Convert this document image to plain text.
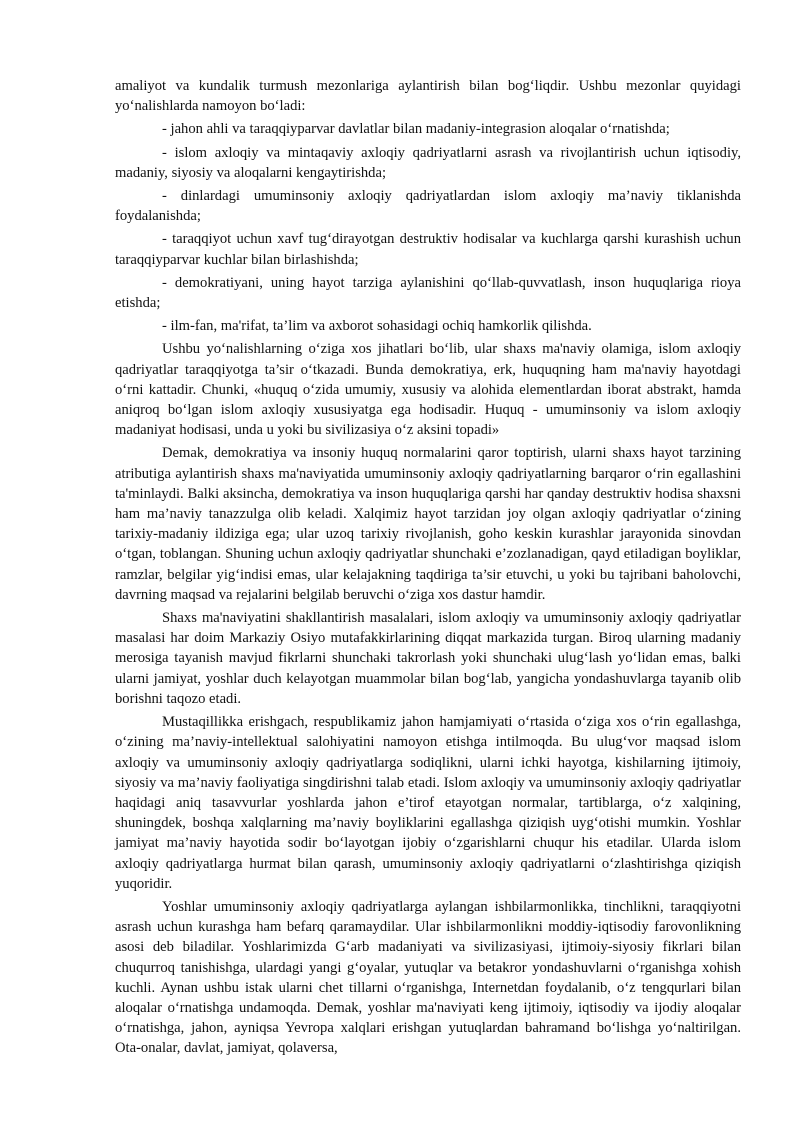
amaliyot va kundalik turmush mezonlariga aylantirish bilan bog‘liqdir. Ushbu mezonlar quyidagi yo‘nalishlarda namoyon bo‘ladi:

- jahon ahli va taraqqiyparvar davlatlar bilan madaniy-integrasion aloqalar o‘rnatishda;

- islom axloqiy va mintaqaviy axloqiy qadriyatlarni asrash va rivojlantirish uchun iqtisodiy, madaniy, siyosiy va aloqalarni kengaytirishda;

- dinlardagi umuminsoniy axloqiy qadriyatlardan islom axloqiy ma’naviy tiklanishda foydalanishda;

- taraqqiyot uchun xavf tug‘dirayotgan destruktiv hodisalar va kuchlarga qarshi kurashish uchun taraqqiyparvar kuchlar bilan birlashishda;

- demokratiyani, uning hayot tarziga aylanishini qo‘llab-quvvatlash, inson huquqlariga rioya etishda;

- ilm-fan, ma'rifat, ta’lim va axborot sohasidagi ochiq hamkorlik qilishda.

Ushbu yo‘nalishlarning o‘ziga xos jihatlari bo‘lib, ular shaxs ma'naviy olamiga, islom axloqiy qadriyatlar taraqqiyotga ta’sir o‘tkazadi. Bunda demokratiya, erk, huquqning ham ma'naviy hayotdagi o‘rni kattadir. Chunki, «huquq o‘zida umumiy, xususiy va alohida elementlardan iborat abstrakt, hamda aniqroq bo‘lgan islom axloqiy xususiyatga ega hodisadir. Huquq - umuminsoniy va islom axloqiy madaniyat hodisasi, unda u yoki bu sivilizasiya o‘z aksini topadi»

Demak, demokratiya va insoniy huquq normalarini qaror toptirish, ularni shaxs hayot tarzining atributiga aylantirish shaxs ma'naviyatida umuminsoniy axloqiy qadriyatlarning barqaror o‘rin egallashini ta'minlaydi. Balki aksincha, demokratiya va inson huquqlariga qarshi har qanday destruktiv hodisa shaxsni ham ma’naviy tanazzulga olib keladi. Xalqimiz hayot tarzidan joy olgan axloqiy qadriyatlar o‘zining tarixiy-madaniy ildiziga ega; ular uzoq tarixiy rivojlanish, goho keskin kurashlar jarayonida sinovdan o‘tgan, toblangan. Shuning uchun axloqiy qadriyatlar shunchaki e’zozlanadigan, qayd etiladigan boyliklar, ramzlar, belgilar yig‘indisi emas, ular kelajakning taqdiriga ta’sir etuvchi, u yoki bu tajribani baholovchi, davrning maqsad va rejalarini belgilab beruvchi o‘ziga xos dastur hamdir.

Shaxs ma'naviyatini shakllantirish masalalari, islom axloqiy va umuminsoniy axloqiy qadriyatlar masalasi har doim Markaziy Osiyo mutafakkirlarining diqqat markazida turgan. Biroq ularning madaniy merosiga tayanish mavjud fikrlarni shunchaki takrorlash yoki shunchaki ulug‘lash yo‘lidan emas, balki ularni jamiyat, yoshlar duch kelayotgan muammolar bilan bog‘lab, yangicha yondashuvlarga tayanib olib borishni taqozo etadi.

Mustaqillikka erishgach, respublikamiz jahon hamjamiyati o‘rtasida o‘ziga xos o‘rin egallashga, o‘zining ma’naviy-intellektual salohiyatini namoyon etishga intilmoqda. Bu ulug‘vor maqsad islom axloqiy va umuminsoniy axloqiy qadriyatlarga sodiqlikni, ularni ichki hayotga, kishilarning ijtimoiy, siyosiy va ma’naviy faoliyatiga singdirishni talab etadi. Islom axloqiy va umuminsoniy axloqiy qadriyatlar haqidagi aniq tasavvurlar yoshlarda jahon e’tirof etayotgan normalar, tartiblarga, o‘z xalqining, shuningdek, boshqa xalqlarning ma’naviy boyliklarini egallashga qiziqish uyg‘otishi mumkin. Yoshlar jamiyat ma’naviy hayotida sodir bo‘layotgan ijobiy o‘zgarishlarni chuqur his etadilar. Ularda islom axloqiy qadriyatlarga hurmat bilan qarash, umuminsoniy axloqiy qadriyatlarni o‘zlashtirishga qiziqish yuqoridir.

Yoshlar umuminsoniy axloqiy qadriyatlarga aylangan ishbilarmonlikka, tinchlikni, taraqqiyotni asrash uchun kurashga ham befarq qaramaydilar. Ular ishbilarmonlikni moddiy-iqtisodiy farovonlikning asosi deb biladilar. Yoshlarimizda G‘arb madaniyati va sivilizasiyasi, ijtimoiy-siyosiy fikrlari bilan chuqurroq tanishishga, ulardagi yangi g‘oyalar, yutuqlar va betakror yondashuvlarni o‘rganishga xohish kuchli. Aynan ushbu istak ularni chet tillarni o‘rganishga, Internetdan foydalanib, o‘z tengqurlari bilan aloqalar o‘rnatishga undamoqda. Demak, yoshlar ma'naviyati keng ijtimoiy, iqtisodiy va ijodiy aloqalar o‘rnatishga, jahon, ayniqsa Yevropa xalqlari erishgan yutuqlardan bahramand bo‘lishga yo‘naltirilgan. Ota-onalar, davlat, jamiyat, qolaversa,
